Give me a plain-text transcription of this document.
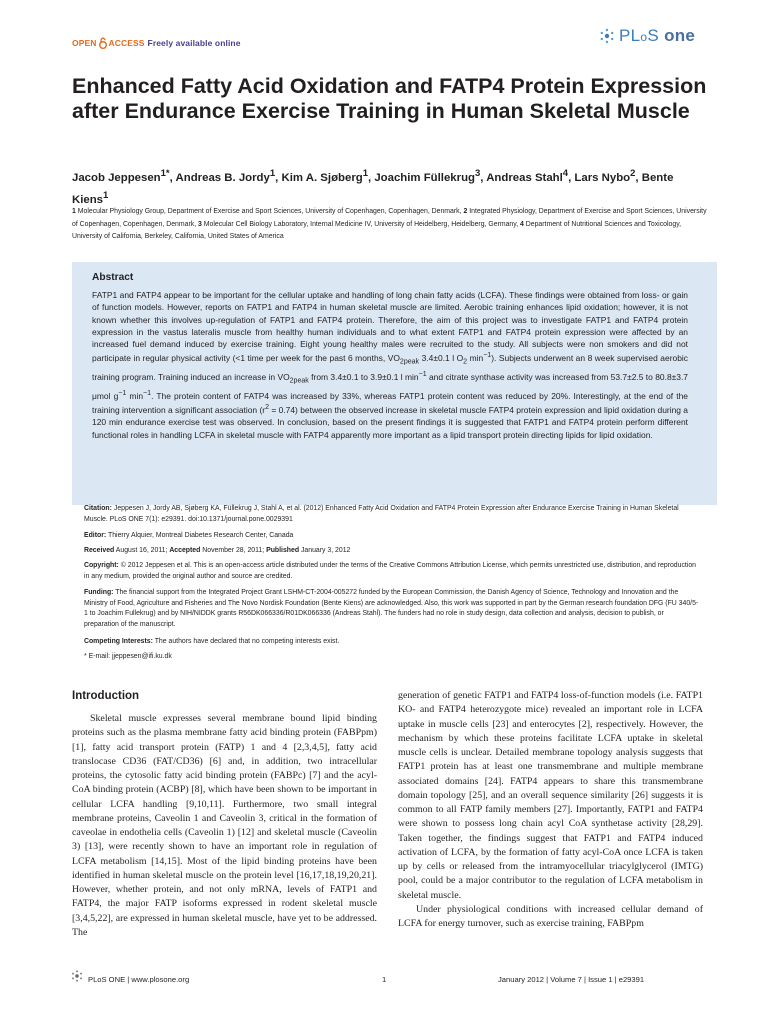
OPEN ACCESS Freely available online	PLoS one
Enhanced Fatty Acid Oxidation and FATP4 Protein Expression after Endurance Exercise Training in Human Skeletal Muscle
Jacob Jeppesen$^{1*}$, Andreas B. Jordy$^1$, Kim A. Sjøberg$^1$, Joachim Füllekrug$^3$, Andreas Stahl$^4$, Lars Nybo$^2$, Bente Kiens$^1$
1 Molecular Physiology Group, Department of Exercise and Sport Sciences, University of Copenhagen, Copenhagen, Denmark, 2 Integrated Physiology, Department of Exercise and Sport Sciences, University of Copenhagen, Copenhagen, Denmark, 3 Molecular Cell Biology Laboratory, Internal Medicine IV, University of Heidelberg, Heidelberg, Germany, 4 Department of Nutritional Sciences and Toxicology, University of California, Berkeley, California, United States of America
Abstract

FATP1 and FATP4 appear to be important for the cellular uptake and handling of long chain fatty acids (LCFA). These findings were obtained from loss- or gain of function models. However, reports on FATP1 and FATP4 in human skeletal muscle are limited. Aerobic training enhances lipid oxidation; however, it is not known whether this involves up-regulation of FATP1 and FATP4 protein. Therefore, the aim of this project was to investigate FATP1 and FATP4 protein expression in the vastus lateralis muscle from healthy human individuals and to what extent FATP1 and FATP4 protein expression were affected by an increased fuel demand induced by exercise training. Eight young healthy males were recruited to the study. All subjects were non smokers and did not participate in regular physical activity (<1 time per week for the past 6 months, $VO_{2peak}$ 3.4±0.1 l $O_2$ $\min^{-1}$). Subjects underwent an 8 week supervised aerobic training program. Training induced an increase in $VO_{2peak}$ from 3.4±0.1 to 3.9±0.1 l $\min^{-1}$ and citrate synthase activity was increased from 53.7±2.5 to 80.8±3.7 μmol $g^{-1}$ $\min^{-1}$. The protein content of FATP4 was increased by 33%, whereas FATP1 protein content was reduced by 20%. Interestingly, at the end of the training intervention a significant association $(r^2 = 0.74)$ between the observed increase in skeletal muscle FATP4 protein expression and lipid oxidation during a 120 min endurance exercise test was observed. In conclusion, based on the present findings it is suggested that FATP1 and FATP4 protein perform different functional roles in handling LCFA in skeletal muscle with FATP4 apparently more important as a lipid transport protein directing lipids for lipid oxidation.

Citation: Jeppesen J, Jordy AB, Sjøberg KA, Füllekrug J, Stahl A, et al. (2012) Enhanced Fatty Acid Oxidation and FATP4 Protein Expression after Endurance Exercise Training in Human Skeletal Muscle. PLoS ONE 7(1): e29391. doi:10.1371/journal.pone.0029391
Editor: Thierry Alquier, Montreal Diabetes Research Center, Canada
Received August 16, 2011; Accepted November 28, 2011; Published January 3, 2012
Copyright: © 2012 Jeppesen et al. This is an open-access article distributed under the terms of the Creative Commons Attribution License, which permits unrestricted use, distribution, and reproduction in any medium, provided the original author and source are credited.
Funding: The financial support from the Integrated Project Grant LSHM-CT-2004-005272 funded by the European Commission, the Danish Agency of Science, Technology and Innovation and the Ministry of Food, Agriculture and Fisheries and The Novo Nordisk Foundation (Bente Kiens) are acknowledged. Also, this work was supported in part by the German research foundation DFG (FU 340/5-1 to Joachim Fullekrug) and by NIH/NIDDK grants R56DK066336/R01DK066336 (Andreas Stahl). The funders had no role in study design, data collection and analysis, decision to publish, or preparation of the manuscript.
Competing Interests: The authors have declared that no competing interests exist.
* E-mail: jjeppesen@ifi.ku.dk
Introduction

Skeletal muscle expresses several membrane bound lipid binding proteins such as the plasma membrane fatty acid binding protein (FABPpm) [1], fatty acid transport protein (FATP) 1 and 4 [2,3,4,5], fatty acid translocase CD36 (FAT/CD36) [6] and, in addition, two intracellular proteins, the cytosolic fatty acid binding protein (FABPc) [7] and the acyl-CoA binding protein (ACBP) [8], which have been shown to be important in cellular LCFA handling [9,10,11]. Furthermore, two small integral membrane proteins, Caveolin 1 and Caveolin 3, critical in the formation of caveolae in endothelia cells (Caveolin 1) [12] and skeletal muscle (Caveolin 3) [13], were recently shown to have an important role in regulation of LCFA metabolism [14,15]. Most of the lipid binding proteins have been identified in human skeletal muscle on the protein level [16,17,18,19,20,21]. However, whether protein, and not only mRNA, levels of FATP1 and FATP4, the major FATP isoforms expressed in rodent skeletal muscle [3,4,5,22], are expressed in human skeletal muscle, have yet to be addressed. The

generation of genetic FATP1 and FATP4 loss-of-function models (i.e. FATP1 KO- and FATP4 heterozygote mice) revealed an important role in LCFA uptake in muscle cells [23] and enterocytes [2], respectively. However, the mechanism by which these proteins facilitate LCFA uptake in skeletal muscle cells is unclear. Detailed membrane topology analysis suggests that FATP1 protein has at least one transmembrane and multiple membrane associated domains [24]. FATP4 appears to share this transmembrane domain topology [25], and an overall sequence similarity [26] suggests it is common to all FATP family members [27]. Importantly, FATP1 and FATP4 were shown to possess long chain acyl CoA synthetase activity [28,29]. Taken together, the findings suggest that FATP1 and FATP4 induced activation of LCFA, by the formation of fatty acyl-CoA once LCFA is taken up by cells or released from the intramyocellular triacylglycerol (IMTG) pool, could be a major contributor to the regulation of LCFA metabolism in skeletal muscle.

Under physiological conditions with increased cellular demand of LCFA for energy turnover, such as exercise training, FABPpm

PLoS ONE | www.plosone.org	1	January 2012 | Volume 7 | Issue 1 | e29391
